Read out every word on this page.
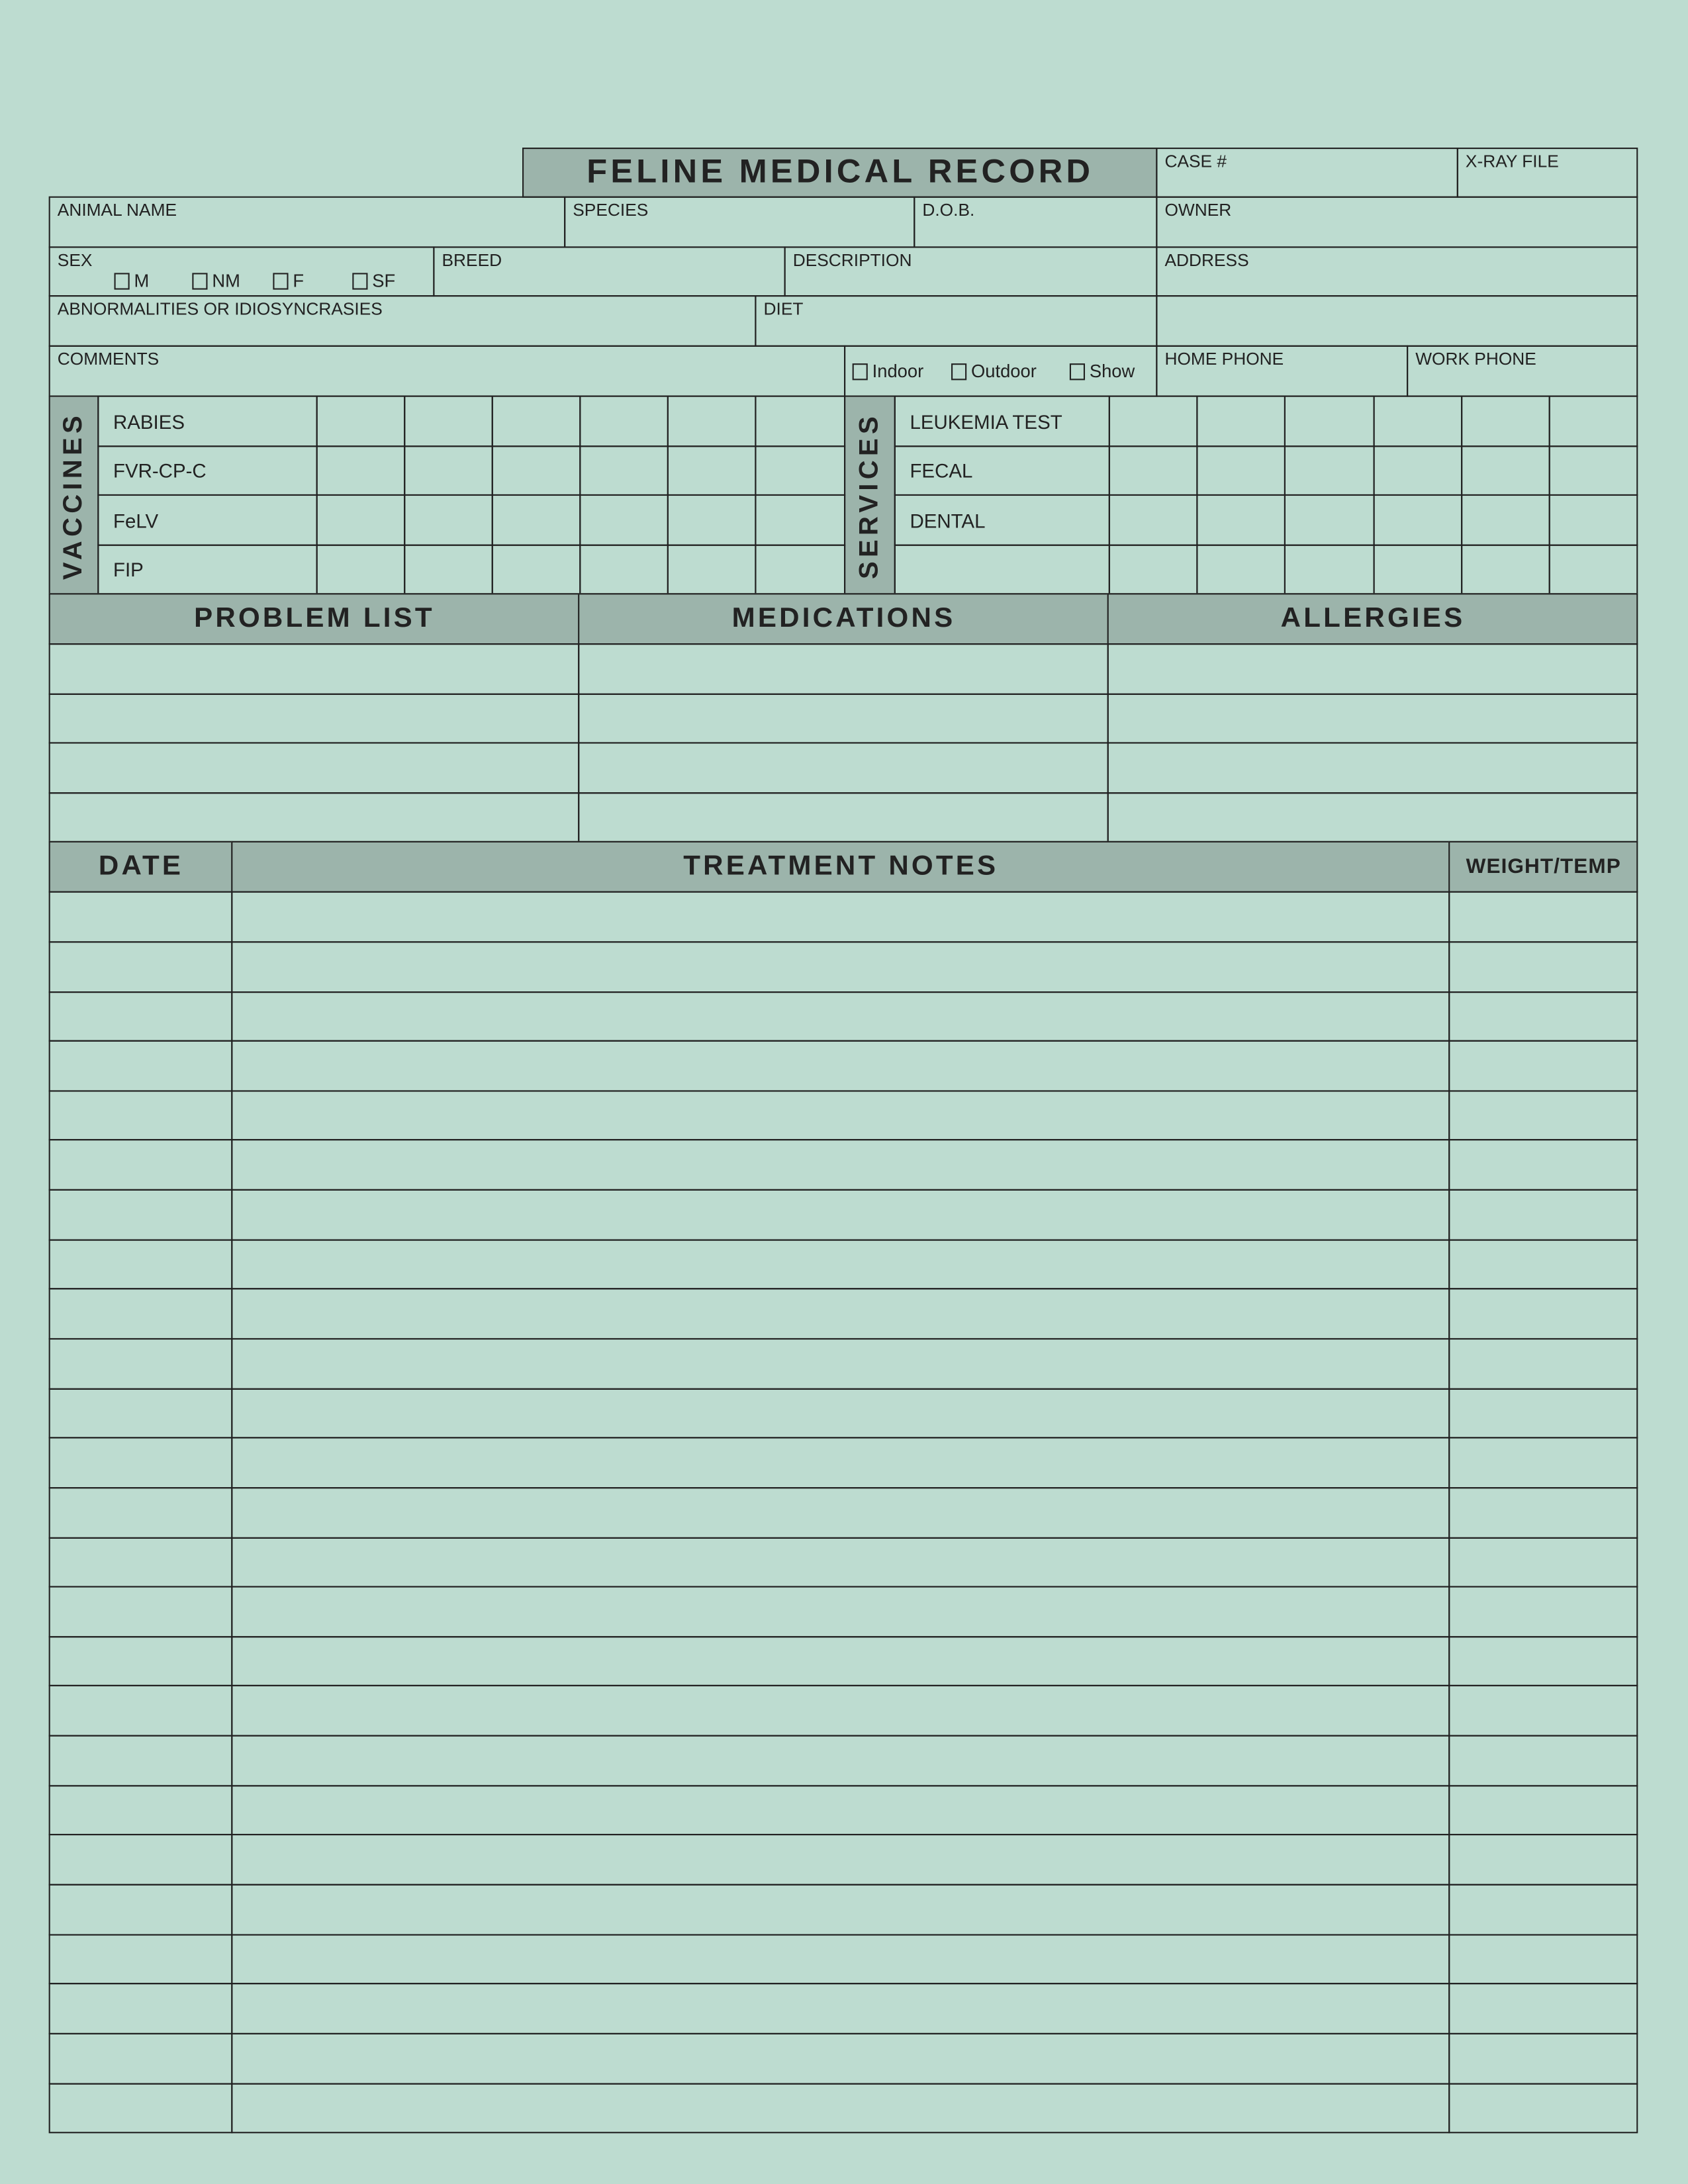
FELINE MEDICAL RECORD	CASE #	X-RAY FILE
ANIMAL NAME	SPECIES	D.O.B.	OWNER
SEX
M	NM	F	SF
BREED	DESCRIPTION	ADDRESS
ABNORMALITIES OR IDIOSYNCRASIES	DIET
COMMENTS
Indoor	Outdoor	Show
HOME PHONE	WORK PHONE
VACCINES	SERVICES
RABIES	LEUKEMIA TEST
FVR-CP-C	FECAL
FeLV	DENTAL
FIP
PROBLEM LIST	MEDICATIONS	ALLERGIES
DATE	TREATMENT NOTES	WEIGHT/TEMP
